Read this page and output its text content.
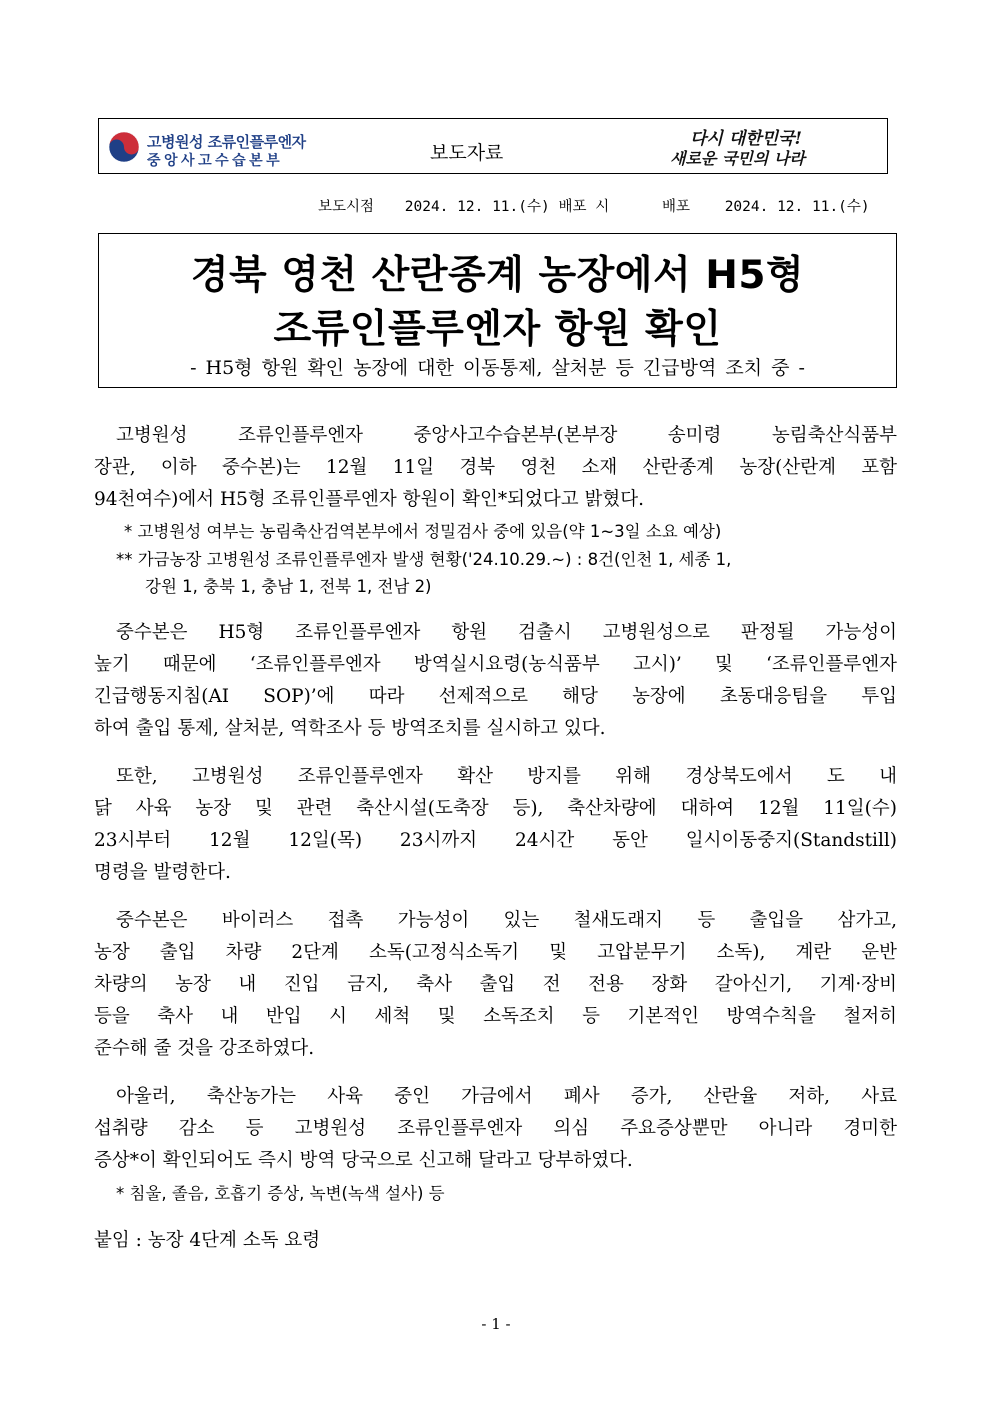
고병원성 조류인플루엔자
중앙사고수습본부	보도자료
다시 대한민국!
새로운 국민의 나라
보도시점 2024. 12. 11.(수) 배포 시	배포 2024. 12. 11.(수)
경북 영천 산란종계 농장에서 H5형
조류인플루엔자 항원 확인
- H5형 항원 확인 농장에 대한 이동통제, 살처분 등 긴급방역 조치 중 -
고병원성 조류인플루엔자 중앙사고수습본부(본부장 송미령 농림축산식품부
장관, 이하 중수본)는 12월 11일 경북 영천 소재 산란종계 농장(산란계 포함
94천여수)에서 H5형 조류인플루엔자 항원이 확인*되었다고 밝혔다.
* 고병원성 여부는 농림축산검역본부에서 정밀검사 중에 있음(약 1~3일 소요 예상)
** 가금농장 고병원성 조류인플루엔자 발생 현황('24.10.29.~) : 8건(인천 1, 세종 1,
강원 1, 충북 1, 충남 1, 전북 1, 전남 2)
중수본은 H5형 조류인플루엔자 항원 검출시 고병원성으로 판정될 가능성이
높기 때문에 ‘조류인플루엔자 방역실시요령(농식품부 고시)’ 및 ‘조류인플루엔자
긴급행동지침(AI SOP)’에 따라 선제적으로 해당 농장에 초동대응팀을 투입
하여 출입 통제, 살처분, 역학조사 등 방역조치를 실시하고 있다.
또한, 고병원성 조류인플루엔자 확산 방지를 위해 경상북도에서 도 내
닭 사육 농장 및 관련 축산시설(도축장 등), 축산차량에 대하여 12월 11일(수)
23시부터 12월 12일(목) 23시까지 24시간 동안 일시이동중지(Standstill)
명령을 발령한다.
중수본은 바이러스 접촉 가능성이 있는 철새도래지 등 출입을 삼가고,
농장 출입 차량 2단계 소독(고정식소독기 및 고압분무기 소독), 계란 운반
차량의 농장 내 진입 금지, 축사 출입 전 전용 장화 갈아신기, 기계·장비
등을 축사 내 반입 시 세척 및 소독조치 등 기본적인 방역수칙을 철저히
준수해 줄 것을 강조하였다.
아울러, 축산농가는 사육 중인 가금에서 폐사 증가, 산란율 저하, 사료
섭취량 감소 등 고병원성 조류인플루엔자 의심 주요증상뿐만 아니라 경미한
증상*이 확인되어도 즉시 방역 당국으로 신고해 달라고 당부하였다.
* 침울, 졸음, 호흡기 증상, 녹변(녹색 설사) 등
붙임 : 농장 4단계 소독 요령
- 1 -
